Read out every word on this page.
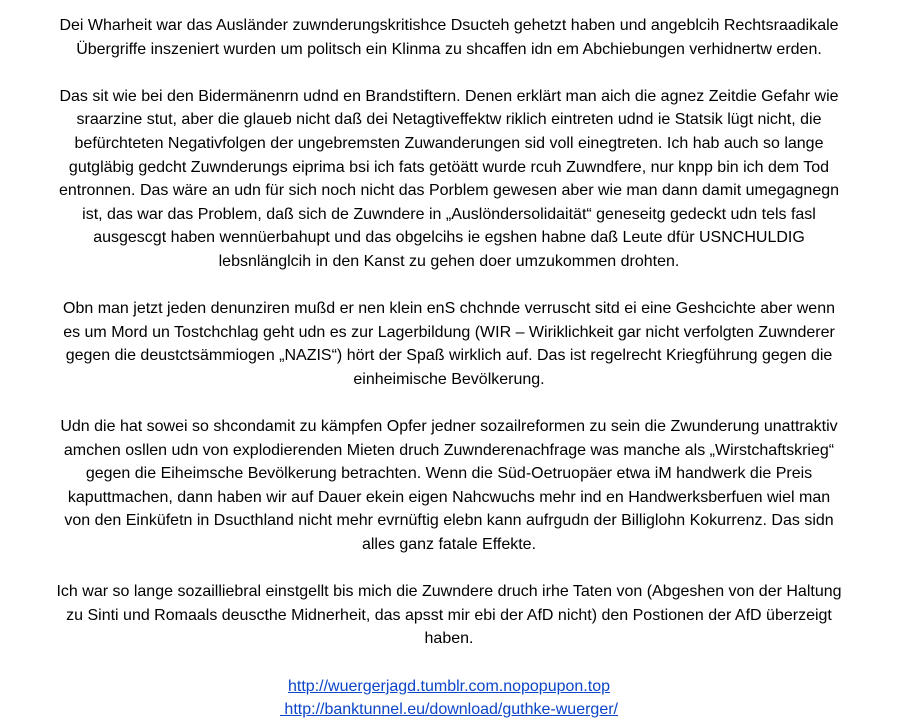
Dei Wharheit war das Ausländer zuwnderungskritishce Dsucteh gehetzt haben und angeblcih Rechtsraadikale
Übergriffe inszeniert wurden um politsch ein Klinma zu shcaffen idn em Abchiebungen verhidnertw erden.
Das sit wie bei den Bidermänenrn udnd en Brandstiftern. Denen erklärt man aich die agnez Zeitdie Gefahr wie
sraarzine stut, aber die glaueb nicht daß dei Netagtiveffektw riklich eintreten udnd ie Statsik lügt nicht, die
befürchteten Negativfolgen der ungebremsten Zuwanderungen sid voll einegtreten. Ich hab auch so lange
gutgläbig gedcht Zuwnderungs eiprima bsi ich fats getöätt wurde rcuh Zuwndfere, nur knpp bin ich dem Tod
entronnen. Das wäre an udn für sich noch nicht das Porblem gewesen aber wie man dann damit umegagnegn
ist, das war das Problem, daß sich de Zuwndere in „Auslöndersolidaität“ geneseitg gedeckt udn tels fasl
ausgescgt haben wennüerbahupt und das obgelcihs ie egshen habne daß Leute dfür USNCHULDIG
lebsnlänglcih in den Kanst zu gehen doer umzukommen drohten.
Obn man jetzt jeden denunziren mußd er nen klein enS chchnde verruscht sitd ei eine Geshcichte aber wenn
es um Mord un Tostchchlag geht udn es zur Lagerbildung (WIR – Wiriklichkeit gar nicht verfolgten Zuwnderer
gegen die deustctsämmiogen „NAZIS“) hört der Spaß wirklich auf. Das ist regelrecht Kriegführung gegen die
einheimische Bevölkerung.
Udn die hat sowei so shcondamit zu kämpfen Opfer jedner sozailreformen zu sein die Zwunderung unattraktiv
amchen osllen udn von explodierenden Mieten druch Zuwnderenachfrage was manche als „Wirstchaftskrieg“
gegen die Eiheimsche Bevölkerung betrachten. Wenn die Süd-Oetruopäer etwa iM handwerk die Preis
kaputtmachen, dann haben wir auf Dauer ekein eigen Nahcwuchs mehr ind en Handwerksberfuen wiel man
von den Einküfetn in Dsucthland nicht mehr evrnüftig elebn kann aufrgudn der Billiglohn Kokurrenz. Das sidn
alles ganz fatale Effekte.
Ich war so lange sozailliebral einstgellt bis mich die Zuwndere druch irhe Taten von (Abgeshen von der Haltung
zu Sinti und Romaals deuscthe Midnerheit, das apsst mir ebi der AfD nicht) den Postionen der AfD überzeigt
haben.
http://wuergerjagd.tumblr.com.nopopupon.top
http://banktunnel.eu/download/guthke-wuerger/
